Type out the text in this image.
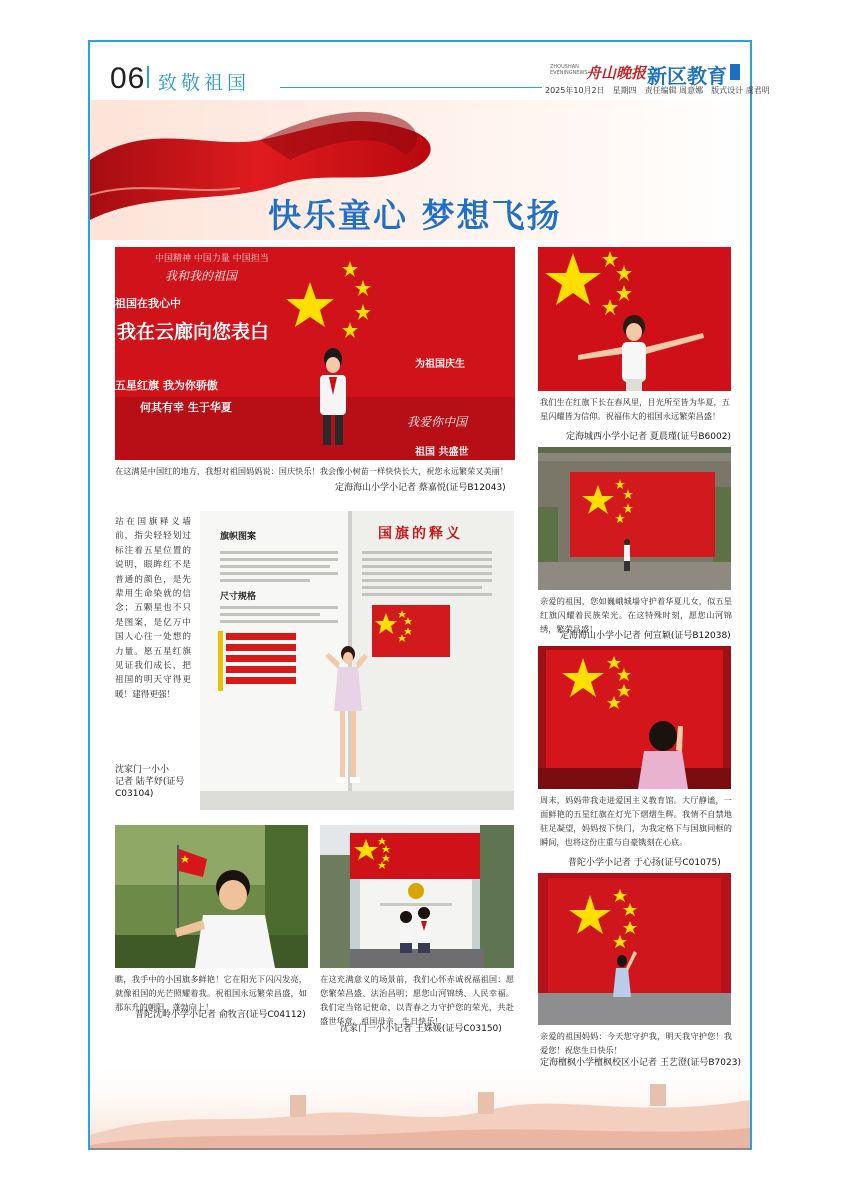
06 致敬祖国
ZHOUSHAN EVENINGNEWS
舟山晚报 新区教育
2025年10月2日　星期四　责任编辑 周意娜　版式设计 虞君明
快乐童心 梦想飞扬
中国精神 中国力量 中国担当
我和我的祖国
祖国在我心中
我在云廊向您表白
为祖国庆生
五星红旗 我为你骄傲
何其有幸 生于华夏
我爱你中国
祖国 共盛世
在这满是中国红的地方，我想对祖国妈妈说：国庆快乐！我会像小树苗一样快快长大，祝您永远繁荣又美丽！
定海海山小学小记者 蔡嘉悦(证号B12043)
我们生在红旗下长在春风里，目光所至皆为华夏，五星闪耀皆为信仰。祝福伟大的祖国永远繁荣昌盛！
定海城西小学小记者 夏晨瑾(证号B6002)
亲爱的祖国，您如巍峨城墙守护着华夏儿女，似五星红旗闪耀着民族荣光。在这特殊时刻，愿您山河锦绣，繁荣昌盛！
定海海山小学小记者 何宣颖(证号B12038)
国旗的释义
旗帜图案
尺寸规格
站在国旗释义墙前，指尖轻轻划过标注着五星位置的说明，眼眸红不是普通的颜色，是先辈用生命染就的信念；五颗星也不只是图案，是亿万中国人心往一处想的力量。愿五星红旗见证我们成长，把祖国的明天守得更暖！建得更强！
沈家门一小小
记者 陆芊妤(证号
C03104)
周末，妈妈带我走进爱国主义教育馆。大厅静谧，一面鲜艳的五星红旗在灯光下熠熠生辉。我情不自禁地驻足凝望，妈妈按下快门，为我定格下与国旗同框的瞬间，也将这份庄重与自豪镌刻在心底。
普陀小学小记者 于心扬(证号C01075)
瞧，我手中的小国旗多鲜艳！它在阳光下闪闪发亮，就像祖国的光芒照耀着我。祝祖国永远繁荣昌盛，如那东升的朝阳，蓬勃向上！
普陀沈岭小学小记者 俞牧言(证号C04112)
在这充满意义的场景前，我们心怀赤诚祝福祖国：愿您繁荣昌盛、法治昌明；愿您山河锦绣、人民幸福。我们定当铭记使命，以青春之力守护您的荣光，共赴盛世华章。祖国母亲，生日快乐！
沈家门一小小记者 王姝媛(证号C03150)
亲爱的祖国妈妈：今天您守护我，明天我守护您！我爱您！祝您生日快乐！
